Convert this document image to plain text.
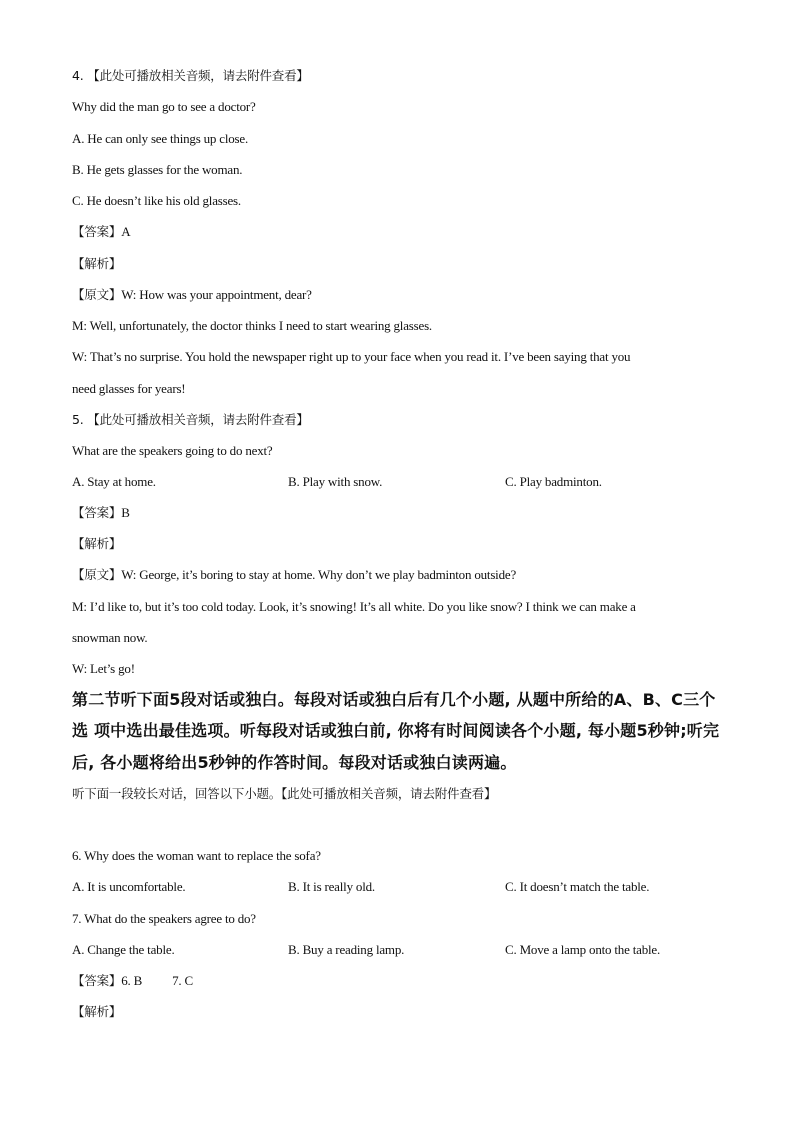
4. 【此处可播放相关音频，请去附件查看】
Why did the man go to see a doctor?
A. He can only see things up close.
B. He gets glasses for the woman.
C. He doesn’t like his old glasses.
【答案】A
【解析】
【原文】W: How was your appointment, dear?
M: Well, unfortunately, the doctor thinks I need to start wearing glasses.
W: That’s no surprise. You hold the newspaper right up to your face when you read it. I’ve been saying that you
need glasses for years!
5. 【此处可播放相关音频，请去附件查看】
What are the speakers going to do next?
A. Stay at home.	B. Play with snow.	C. Play badminton.
【答案】B
【解析】
【原文】W: George, it’s boring to stay at home. Why don’t we play badminton outside?
M: I’d like to, but it’s too cold today. Look, it’s snowing! It’s all white. Do you like snow? I think we can make a
snowman now.
W: Let’s go!
第二节听下面5段对话或独白。每段对话或独白后有几个小题, 从题中所给的A、B、C三个
选 项中选出最佳选项。听每段对话或独白前, 你将有时间阅读各个小题, 每小题5秒钟;听完
后, 各小题将给出5秒钟的作答时间。每段对话或独白读两遍。
听下面一段较长对话，回答以下小题。【此处可播放相关音频，请去附件查看】
6. Why does the woman want to replace the sofa?
A. It is uncomfortable.	B. It is really old.	C. It doesn’t match the table.
7. What do the speakers agree to do?
A. Change the table.	B. Buy a reading lamp.	C. Move a lamp onto the table.
【答案】6. B 7. C
【解析】
